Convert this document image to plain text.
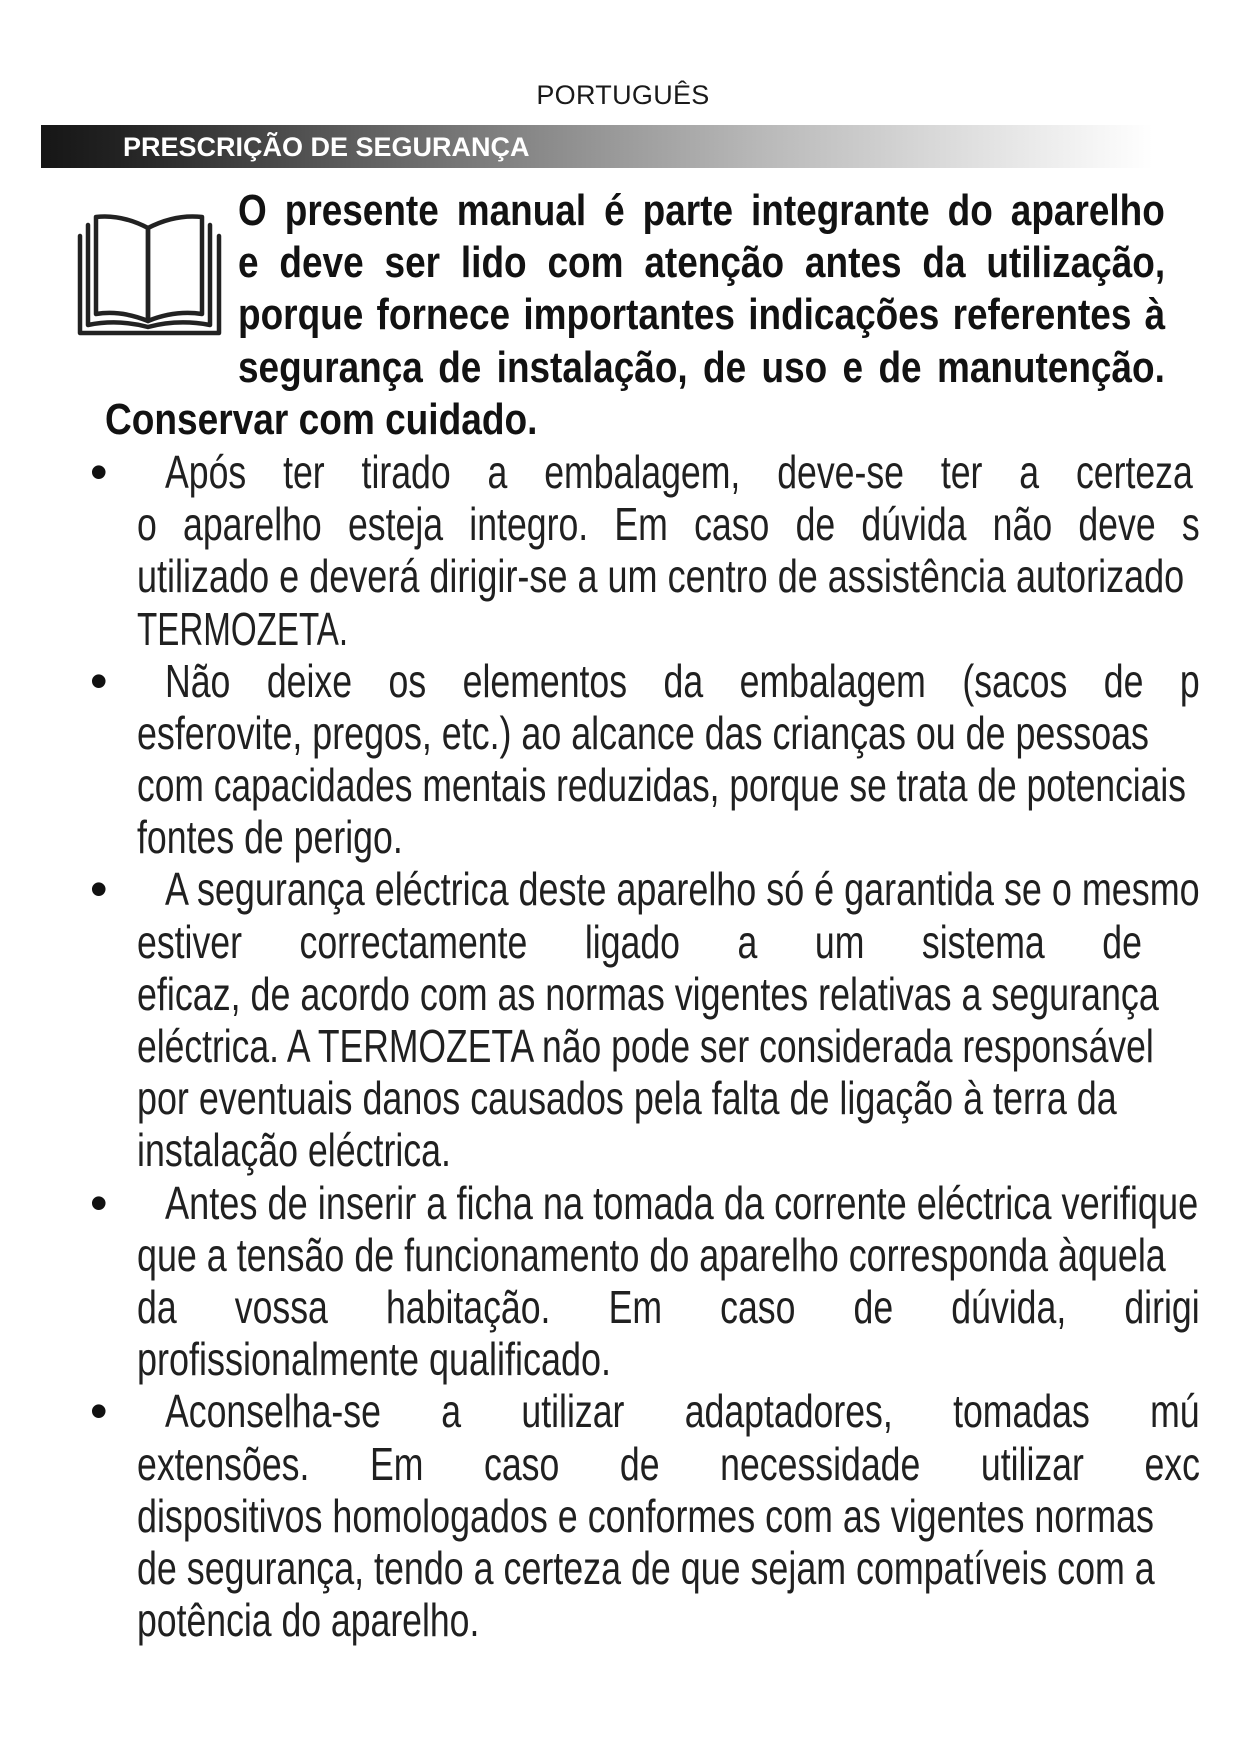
PORTUGUÊS
PRESCRIÇÃO DE SEGURANÇA
O presente manual é parte integrante do aparelho
e deve ser lido com atenção antes da utilização,
porque fornece importantes indicações referentes à
segurança de instalação, de uso e de manutenção.
Conservar com cuidado.
• Após ter tirado a embalagem, deve-se ter a certeza
o aparelho esteja integro. Em caso de dúvida não deve s
utilizado e deverá dirigir-se a um centro de assistência autorizado
TERMOZETA.
• Não deixe os elementos da embalagem (sacos de p
esferovite, pregos, etc.) ao alcance das crianças ou de pessoas
com capacidades mentais reduzidas, porque se trata de potenciais
fontes de perigo.
• A segurança eléctrica deste aparelho só é garantida se o mesmo
estiver correctamente ligado a um sistema de
eficaz, de acordo com as normas vigentes relativas a segurança
eléctrica. A TERMOZETA não pode ser considerada responsável
por eventuais danos causados pela falta de ligação à terra da
instalação eléctrica.
• Antes de inserir a ficha na tomada da corrente eléctrica verifique
que a tensão de funcionamento do aparelho corresponda àquela
da vossa habitação. Em caso de dúvida, dirigi
profissionalmente qualificado.
• Aconselha-se a utilizar adaptadores, tomadas mú
extensões. Em caso de necessidade utilizar exc
dispositivos homologados e conformes com as vigentes normas
de segurança, tendo a certeza de que sejam compatíveis com a
potência do aparelho.
